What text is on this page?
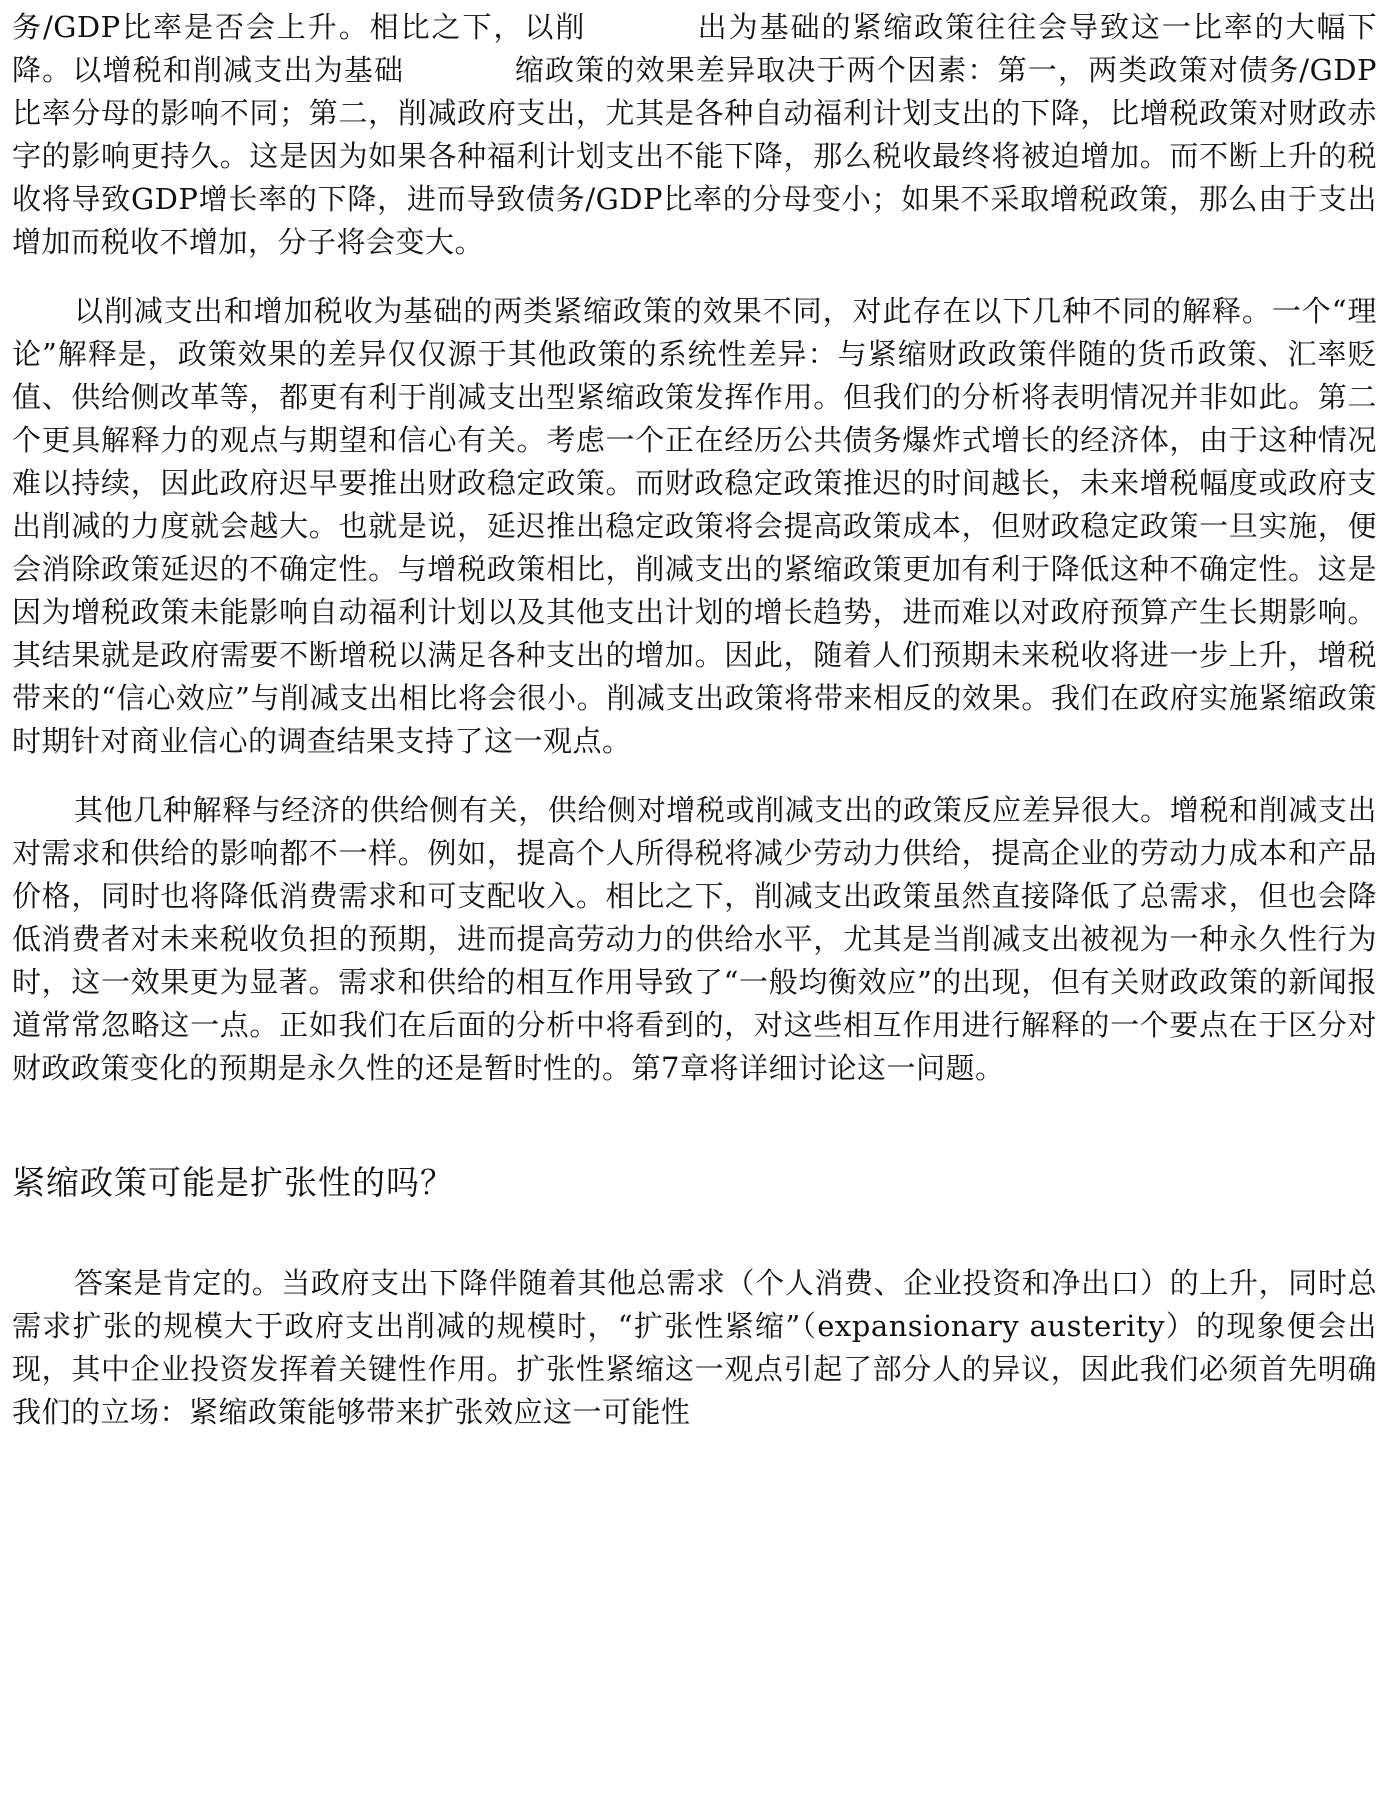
务/GDP比率是否会上升。相比之下，以削	出为基础的紧缩政策往往会导致这一比率的大幅下降。以增税和削减支出为基础	缩政策的效果差异取决于两个因素：第一，两类政策对债务/GDP比率分母的影响不同；第二，削减政府支出，尤其是各种自动福利计划支出的下降，比增税政策对财政赤字的影响更持久。这是因为如果各种福利计划支出不能下降，那么税收最终将被迫增加。而不断上升的税收将导致GDP增长率的下降，进而导致债务/GDP比率的分母变小；如果不采取增税政策，那么由于支出增加而税收不增加，分子将会变大。

以削减支出和增加税收为基础的两类紧缩政策的效果不同，对此存在以下几种不同的解释。一个“理论”解释是，政策效果的差异仅仅源于其他政策的系统性差异：与紧缩财政政策伴随的货币政策、汇率贬值、供给侧改革等，都更有利于削减支出型紧缩政策发挥作用。但我们的分析将表明情况并非如此。第二个更具解释力的观点与期望和信心有关。考虑一个正在经历公共债务爆炸式增长的经济体，由于这种情况难以持续，因此政府迟早要推出财政稳定政策。而财政稳定政策推迟的时间越长，未来增税幅度或政府支出削减的力度就会越大。也就是说，延迟推出稳定政策将会提高政策成本，但财政稳定政策一旦实施，便会消除政策延迟的不确定性。与增税政策相比，削减支出的紧缩政策更加有利于降低这种不确定性。这是因为增税政策未能影响自动福利计划以及其他支出计划的增长趋势，进而难以对政府预算产生长期影响。其结果就是政府需要不断增税以满足各种支出的增加。因此，随着人们预期未来税收将进一步上升，增税带来的“信心效应”与削减支出相比将会很小。削减支出政策将带来相反的效果。我们在政府实施紧缩政策时期针对商业信心的调查结果支持了这一观点。

其他几种解释与经济的供给侧有关，供给侧对增税或削减支出的政策反应差异很大。增税和削减支出对需求和供给的影响都不一样。例如，提高个人所得税将减少劳动力供给，提高企业的劳动力成本和产品价格，同时也将降低消费需求和可支配收入。相比之下，削减支出政策虽然直接降低了总需求，但也会降低消费者对未来税收负担的预期，进而提高劳动力的供给水平，尤其是当削减支出被视为一种永久性行为时，这一效果更为显著。需求和供给的相互作用导致了“一般均衡效应”的出现，但有关财政政策的新闻报道常常忽略这一点。正如我们在后面的分析中将看到的，对这些相互作用进行解释的一个要点在于区分对财政政策变化的预期是永久性的还是暂时性的。第7章将详细讨论这一问题。

紧缩政策可能是扩张性的吗？

答案是肯定的。当政府支出下降伴随着其他总需求（个人消费、企业投资和净出口）的上升，同时总需求扩张的规模大于政府支出削减的规模时，“扩张性紧缩”（expansionary austerity）的现象便会出现，其中企业投资发挥着关键性作用。扩张性紧缩这一观点引起了部分人的异议，因此我们必须首先明确我们的立场：紧缩政策能够带来扩张效应这一可能性
